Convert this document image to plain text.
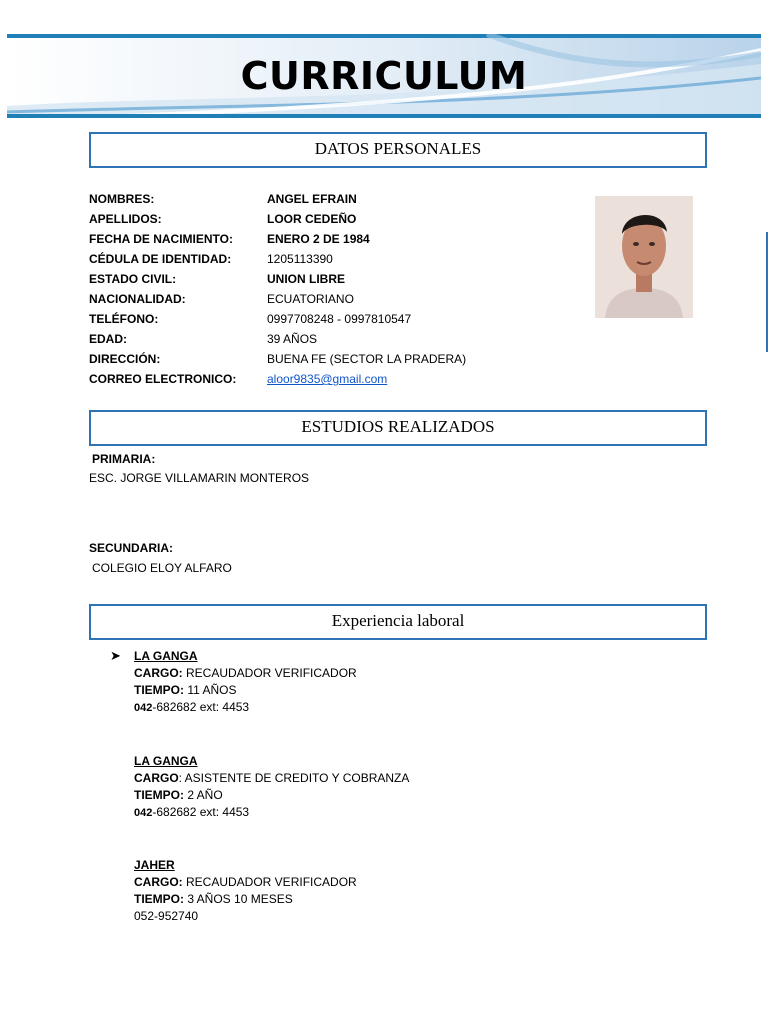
CURRICULUM
DATOS PERSONALES
NOMBRES:	ANGEL EFRAIN
APELLIDOS:	LOOR CEDEÑO
FECHA DE NACIMIENTO:	ENERO 2 DE 1984
CÉDULA DE IDENTIDAD:	1205113390
ESTADO CIVIL:	UNION LIBRE
NACIONALIDAD:	ECUATORIANO
TELÉFONO:	0997708248 - 0997810547
EDAD:	39 AÑOS
DIRECCIÓN:	BUENA FE (SECTOR LA PRADERA)
CORREO ELECTRONICO:	aloor9835@gmail.com
ESTUDIOS REALIZADOS
PRIMARIA:
ESC. JORGE VILLAMARIN MONTEROS
SECUNDARIA:
COLEGIO ELOY ALFARO
Experiencia laboral
➤ LA GANGA
CARGO: RECAUDADOR VERIFICADOR
TIEMPO: 11 AÑOS
042-682682 ext: 4453
LA GANGA
CARGO: ASISTENTE DE CREDITO Y COBRANZA
TIEMPO: 2 AÑO
042-682682 ext: 4453
JAHER
CARGO: RECAUDADOR VERIFICADOR
TIEMPO: 3 AÑOS 10 MESES
052-952740
